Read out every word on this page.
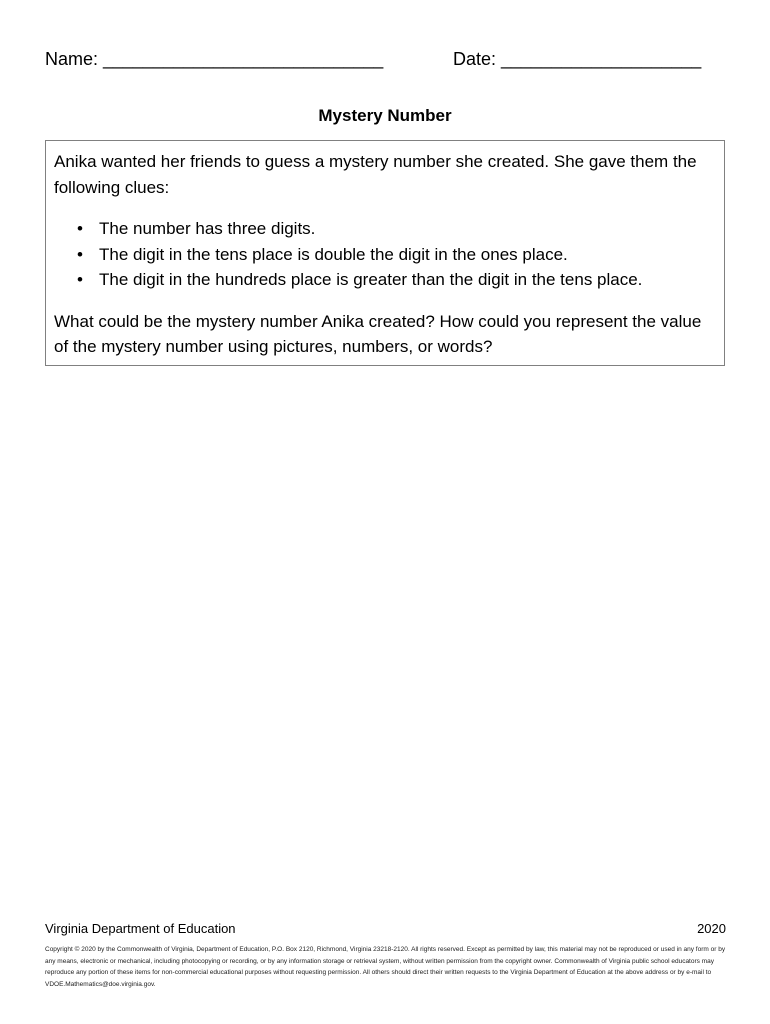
Name: ____________________________	Date: ____________________
Mystery Number

Anika wanted her friends to guess a mystery number she created. She gave them the following clues:

• The number has three digits.
• The digit in the tens place is double the digit in the ones place.
• The digit in the hundreds place is greater than the digit in the tens place.

What could be the mystery number Anika created? How could you represent the value of the mystery number using pictures, numbers, or words?

Virginia Department of Education	2020
Copyright © 2020 by the Commonwealth of Virginia, Department of Education, P.O. Box 2120, Richmond, Virginia 23218-2120. All rights reserved. Except as permitted by law, this material may not be reproduced or used in any form or by any means, electronic or mechanical, including photocopying or recording, or by any information storage or retrieval system, without written permission from the copyright owner. Commonwealth of Virginia public school educators may reproduce any portion of these items for non-commercial educational purposes without requesting permission. All others should direct their written requests to the Virginia Department of Education at the above address or by e-mail to VDOE.Mathematics@doe.virginia.gov.
